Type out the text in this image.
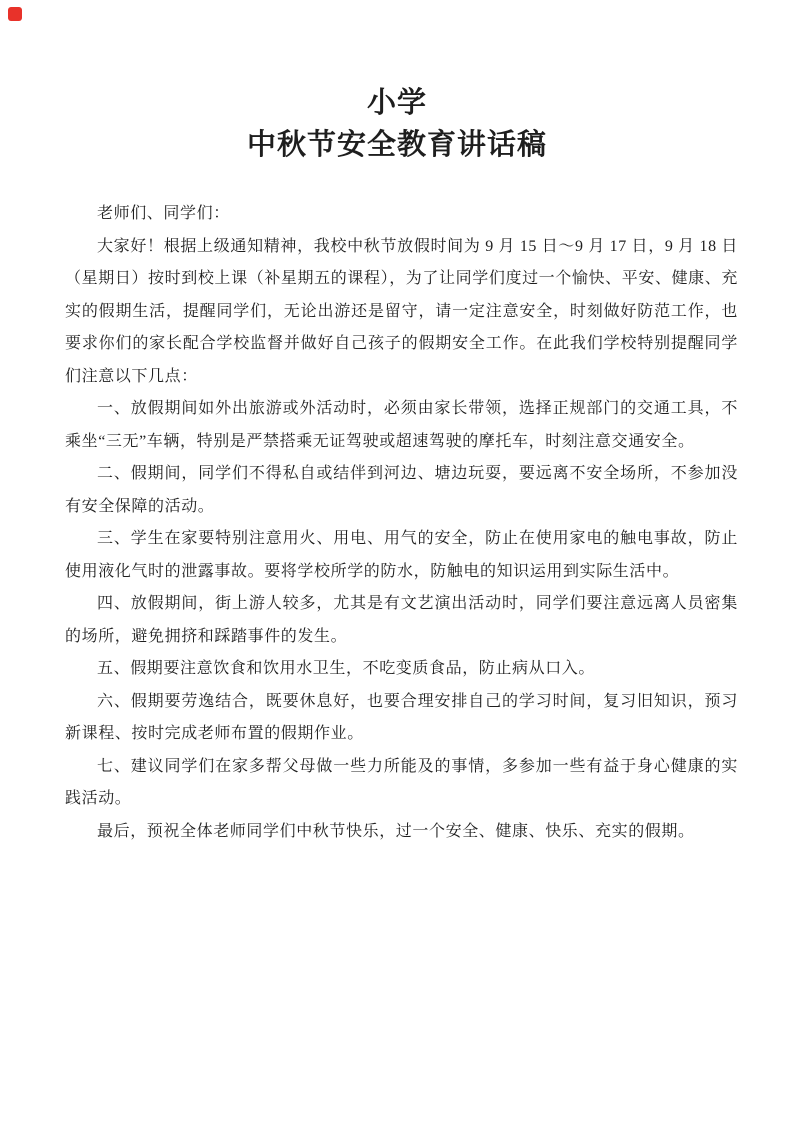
小学
中秋节安全教育讲话稿

老师们、同学们：

大家好！根据上级通知精神，我校中秋节放假时间为 9 月 15 日～9 月 17 日，9 月 18 日（星期日）按时到校上课（补星期五的课程），为了让同学们度过一个愉快、平安、健康、充实的假期生活，提醒同学们，无论出游还是留守，请一定注意安全，时刻做好防范工作，也要求你们的家长配合学校监督并做好自己孩子的假期安全工作。在此我们学校特别提醒同学们注意以下几点：

一、放假期间如外出旅游或外活动时，必须由家长带领，选择正规部门的交通工具，不乘坐“三无”车辆，特别是严禁搭乘无证驾驶或超速驾驶的摩托车，时刻注意交通安全。

二、假期间，同学们不得私自或结伴到河边、塘边玩耍，要远离不安全场所，不参加没有安全保障的活动。

三、学生在家要特别注意用火、用电、用气的安全，防止在使用家电的触电事故，防止使用液化气时的泄露事故。要将学校所学的防水，防触电的知识运用到实际生活中。

四、放假期间，街上游人较多，尤其是有文艺演出活动时，同学们要注意远离人员密集的场所，避免拥挤和踩踏事件的发生。

五、假期要注意饮食和饮用水卫生，不吃变质食品，防止病从口入。

六、假期要劳逸结合，既要休息好，也要合理安排自己的学习时间，复习旧知识，预习新课程、按时完成老师布置的假期作业。

七、建议同学们在家多帮父母做一些力所能及的事情，多参加一些有益于身心健康的实践活动。

最后，预祝全体老师同学们中秋节快乐，过一个安全、健康、快乐、充实的假期。
